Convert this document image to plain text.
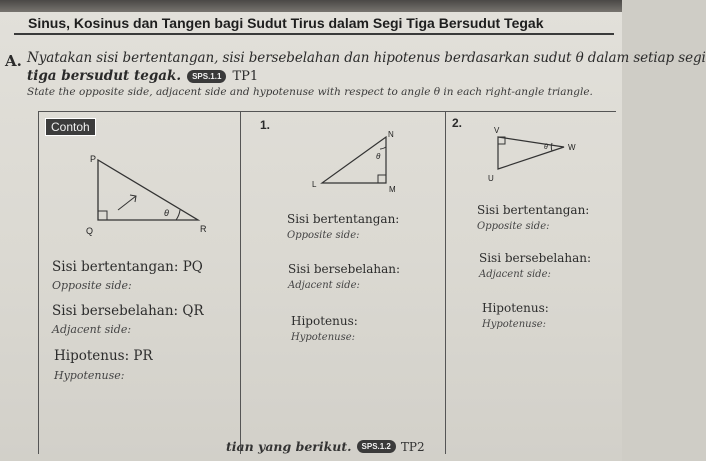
Sinus, Kosinus dan Tangen bagi Sudut Tirus dalam Segi Tiga Bersudut Tegak
A. Nyatakan sisi bertentangan, sisi bersebelahan dan hipotenus berdasarkan sudut θ dalam setiap segi
tiga bersudut tegak.	SPS.1.1 TP1
State the opposite side, adjacent side and hypotenuse with respect to angle θ in each right-angle triangle.
Contoh
P
Q	R
θ
Sisi bertentangan: PQ
Opposite side:
Sisi bersebelahan: QR
Adjacent side:
Hipotenus: PR
Hypotenuse:
1.
N
L
M
θ
Sisi bertentangan:
Opposite side:
Sisi bersebelahan:
Adjacent side:
Hipotenus:
Hypotenuse:
2.
V
W
U
θ
Sisi bertentangan:
Opposite side:
Sisi bersebelahan:
Adjacent side:
Hipotenus:
Hypotenuse:
tian yang berikut.	SPS.1.2 TP2
